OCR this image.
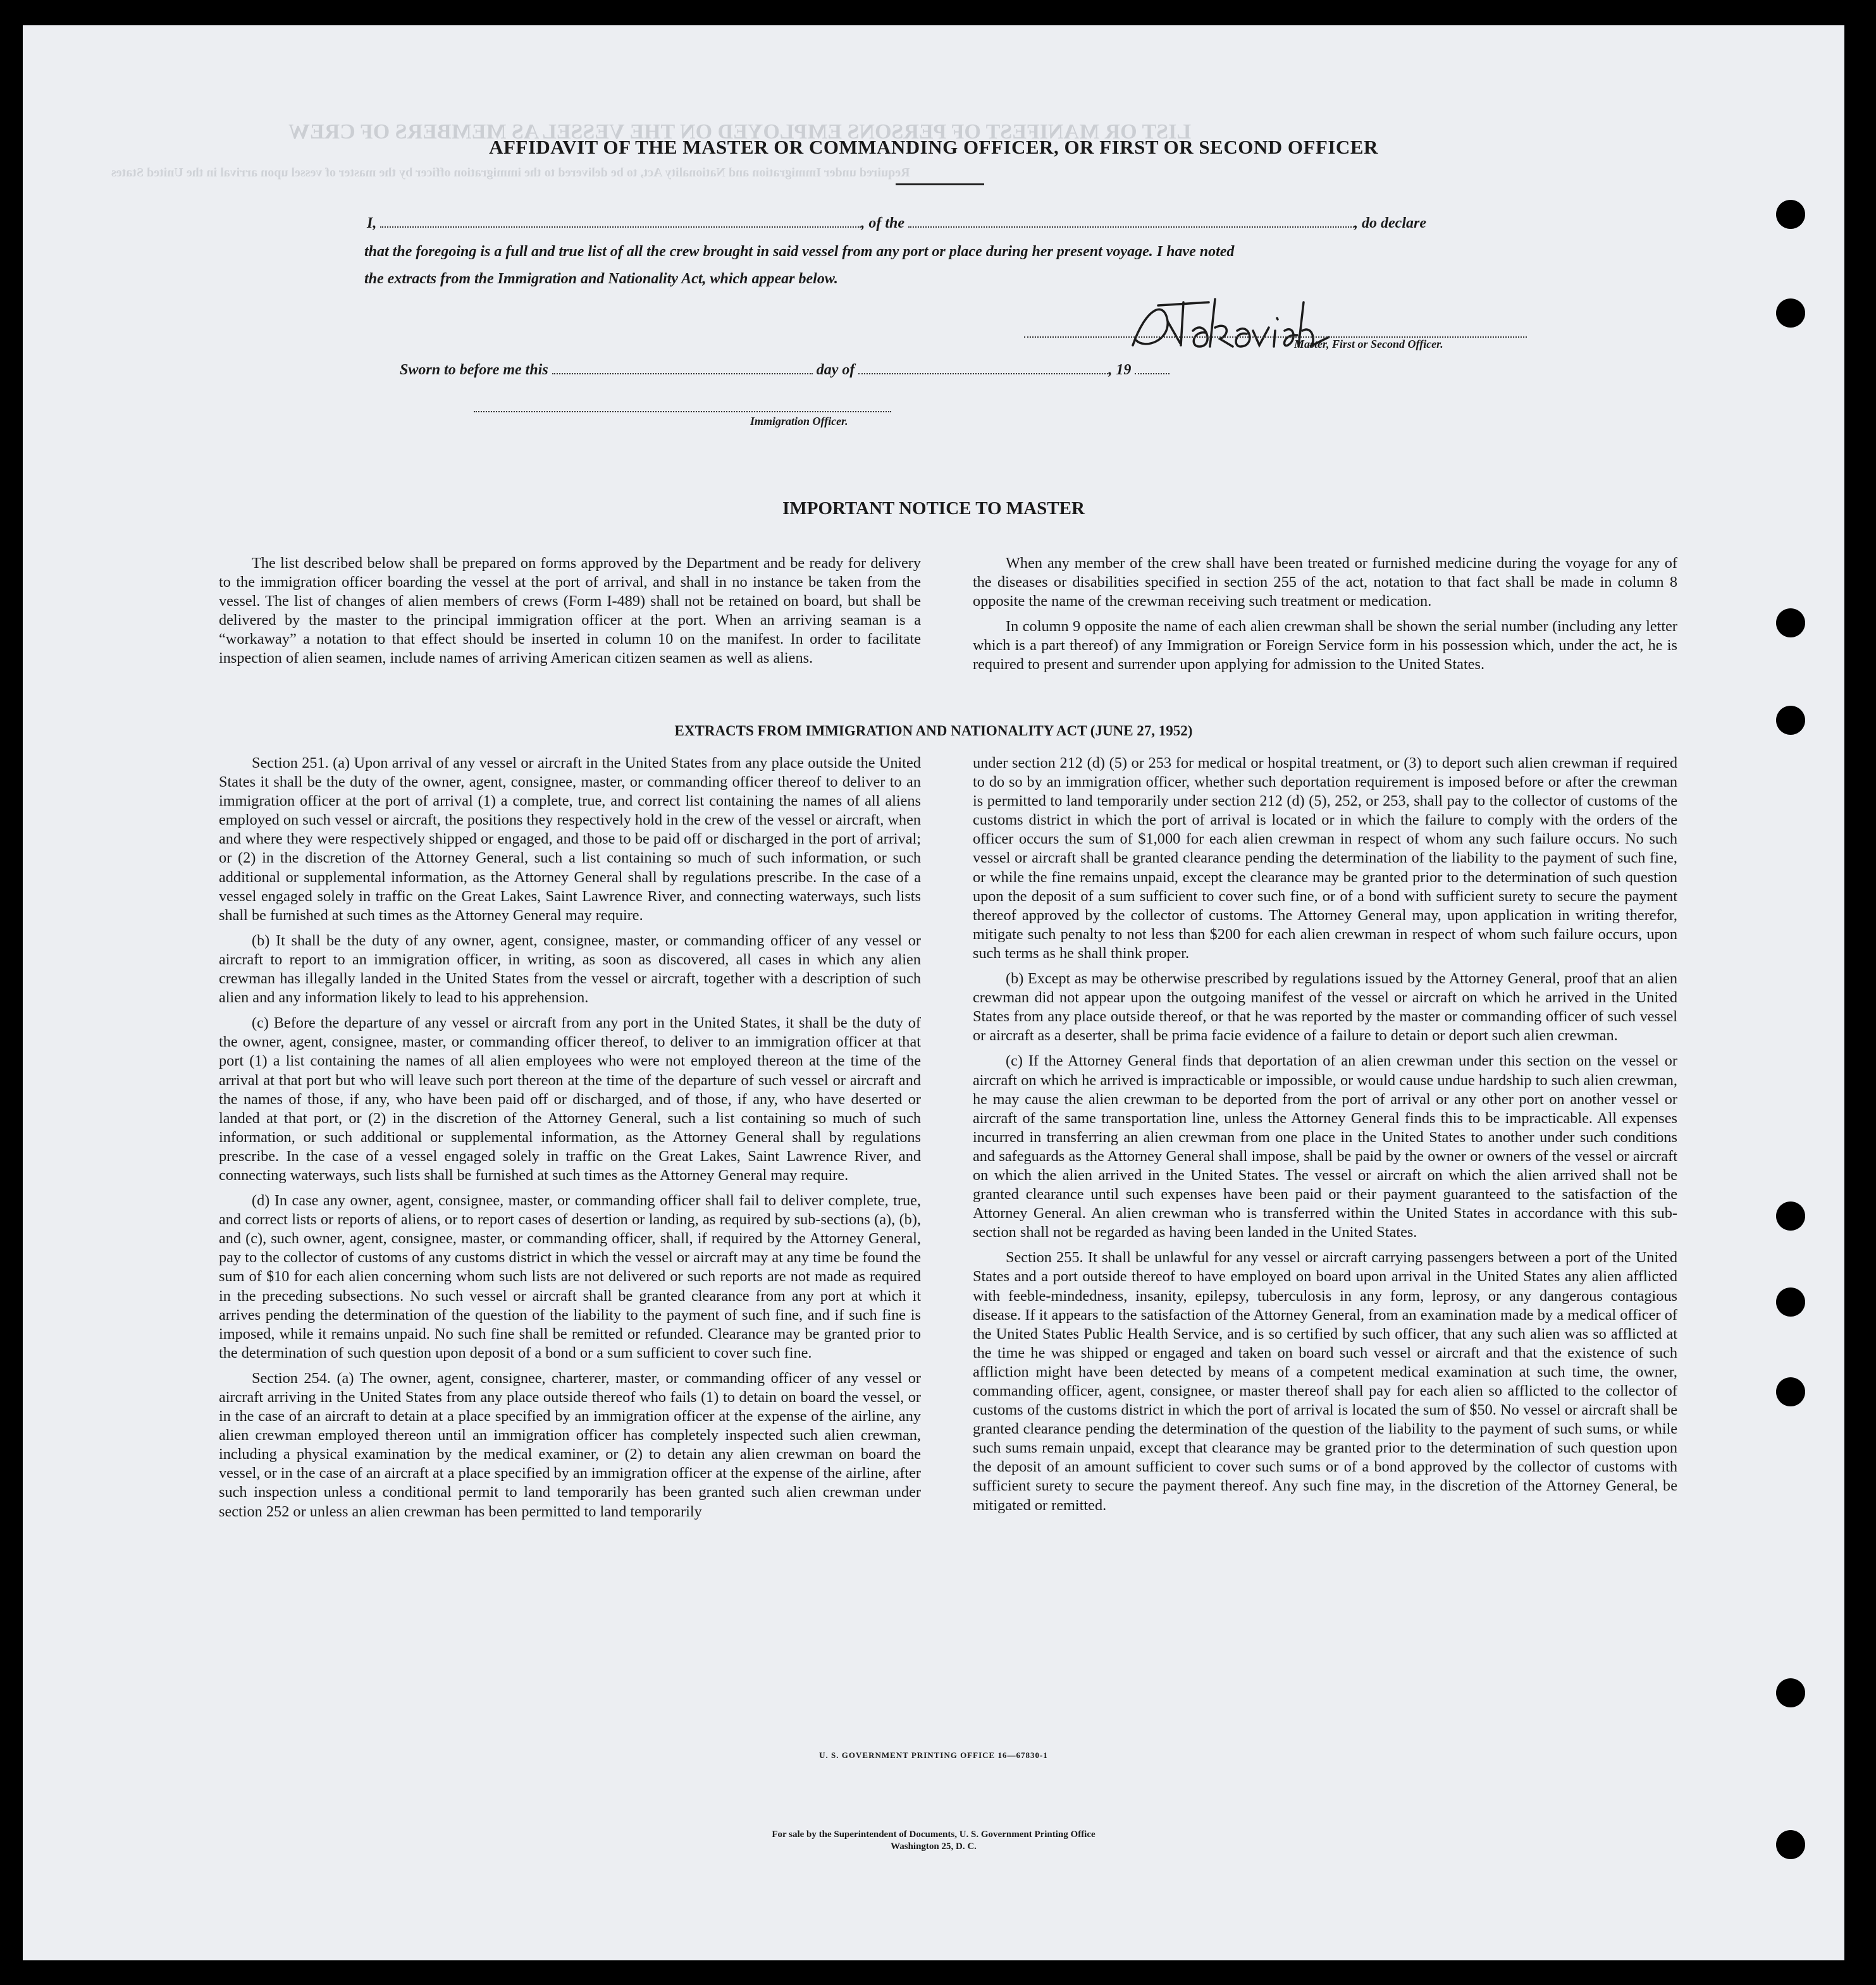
LIST OR MANIFEST OF PERSONS EMPLOYED ON THE VESSEL AS MEMBERS OF CREW
Required under Immigration and Nationality Act, to be delivered to the immigration officer by the master of vessel upon arrival in the United States
AFFIDAVIT OF THE MASTER OR COMMANDING OFFICER, OR FIRST OR SECOND OFFICER
I,	, of the	, do declare
that the foregoing is a full and true list of all the crew brought in said vessel from any port or place during her present voyage. I have noted
the extracts from the Immigration and Nationality Act, which appear below.
Master, First or Second Officer.
Sworn to before me this	day of	, 19
Immigration Officer.
IMPORTANT NOTICE TO MASTER

The list described below shall be prepared on forms approved by the Department and be ready for delivery to the immigration officer boarding the vessel at the port of arrival, and shall in no instance be taken from the vessel. The list of changes of alien members of crews (Form I-489) shall not be retained on board, but shall be delivered by the master to the principal immigration officer at the port. When an arriving seaman is a “workaway” a notation to that effect should be inserted in column 10 on the manifest. In order to facilitate inspection of alien seamen, include names of arriving American citizen seamen as well as aliens.

When any member of the crew shall have been treated or furnished medicine during the voyage for any of the diseases or disabilities specified in section 255 of the act, notation to that fact shall be made in column 8 opposite the name of the crewman receiving such treatment or medication.

In column 9 opposite the name of each alien crewman shall be shown the serial number (including any letter which is a part thereof) of any Immigration or Foreign Service form in his possession which, under the act, he is required to present and surrender upon applying for admission to the United States.

EXTRACTS FROM IMMIGRATION AND NATIONALITY ACT (JUNE 27, 1952)

Section 251. (a) Upon arrival of any vessel or aircraft in the United States from any place outside the United States it shall be the duty of the owner, agent, consignee, master, or commanding officer thereof to deliver to an immigration officer at the port of arrival (1) a complete, true, and correct list containing the names of all aliens employed on such vessel or aircraft, the positions they respectively hold in the crew of the vessel or aircraft, when and where they were respectively shipped or engaged, and those to be paid off or discharged in the port of arrival; or (2) in the discretion of the Attorney General, such a list containing so much of such information, or such additional or supplemental information, as the Attorney General shall by regulations prescribe. In the case of a vessel engaged solely in traffic on the Great Lakes, Saint Lawrence River, and connecting waterways, such lists shall be furnished at such times as the Attorney General may require.

(b) It shall be the duty of any owner, agent, consignee, master, or commanding officer of any vessel or aircraft to report to an immigration officer, in writing, as soon as discovered, all cases in which any alien crewman has illegally landed in the United States from the vessel or aircraft, together with a description of such alien and any information likely to lead to his apprehension.

(c) Before the departure of any vessel or aircraft from any port in the United States, it shall be the duty of the owner, agent, consignee, master, or commanding officer thereof, to deliver to an immigration officer at that port (1) a list containing the names of all alien employees who were not employed thereon at the time of the arrival at that port but who will leave such port thereon at the time of the departure of such vessel or aircraft and the names of those, if any, who have been paid off or discharged, and of those, if any, who have deserted or landed at that port, or (2) in the discretion of the Attorney General, such a list containing so much of such information, or such additional or supplemental information, as the Attorney General shall by regulations prescribe. In the case of a vessel engaged solely in traffic on the Great Lakes, Saint Lawrence River, and connecting waterways, such lists shall be furnished at such times as the Attorney General may require.

(d) In case any owner, agent, consignee, master, or commanding officer shall fail to deliver complete, true, and correct lists or reports of aliens, or to report cases of desertion or landing, as required by sub-sections (a), (b), and (c), such owner, agent, consignee, master, or commanding officer, shall, if required by the Attorney General, pay to the collector of customs of any customs district in which the vessel or aircraft may at any time be found the sum of $10 for each alien concerning whom such lists are not delivered or such reports are not made as required in the preceding subsections. No such vessel or aircraft shall be granted clearance from any port at which it arrives pending the determination of the question of the liability to the payment of such fine, and if such fine is imposed, while it remains unpaid. No such fine shall be remitted or refunded. Clearance may be granted prior to the determination of such question upon deposit of a bond or a sum sufficient to cover such fine.

Section 254. (a) The owner, agent, consignee, charterer, master, or commanding officer of any vessel or aircraft arriving in the United States from any place outside thereof who fails (1) to detain on board the vessel, or in the case of an aircraft to detain at a place specified by an immigration officer at the expense of the airline, any alien crewman employed thereon until an immigration officer has completely inspected such alien crewman, including a physical examination by the medical examiner, or (2) to detain any alien crewman on board the vessel, or in the case of an aircraft at a place specified by an immigration officer at the expense of the airline, after such inspection unless a conditional permit to land temporarily has been granted such alien crewman under section 252 or unless an alien crewman has been permitted to land temporarily

under section 212 (d) (5) or 253 for medical or hospital treatment, or (3) to deport such alien crewman if required to do so by an immigration officer, whether such deportation requirement is imposed before or after the crewman is permitted to land temporarily under section 212 (d) (5), 252, or 253, shall pay to the collector of customs of the customs district in which the port of arrival is located or in which the failure to comply with the orders of the officer occurs the sum of $1,000 for each alien crewman in respect of whom any such failure occurs. No such vessel or aircraft shall be granted clearance pending the determination of the liability to the payment of such fine, or while the fine remains unpaid, except the clearance may be granted prior to the determination of such question upon the deposit of a sum sufficient to cover such fine, or of a bond with sufficient surety to secure the payment thereof approved by the collector of customs. The Attorney General may, upon application in writing therefor, mitigate such penalty to not less than $200 for each alien crewman in respect of whom such failure occurs, upon such terms as he shall think proper.

(b) Except as may be otherwise prescribed by regulations issued by the Attorney General, proof that an alien crewman did not appear upon the outgoing manifest of the vessel or aircraft on which he arrived in the United States from any place outside thereof, or that he was reported by the master or commanding officer of such vessel or aircraft as a deserter, shall be prima facie evidence of a failure to detain or deport such alien crewman.

(c) If the Attorney General finds that deportation of an alien crewman under this section on the vessel or aircraft on which he arrived is impracticable or impossible, or would cause undue hardship to such alien crewman, he may cause the alien crewman to be deported from the port of arrival or any other port on another vessel or aircraft of the same transportation line, unless the Attorney General finds this to be impracticable. All expenses incurred in transferring an alien crewman from one place in the United States to another under such conditions and safeguards as the Attorney General shall impose, shall be paid by the owner or owners of the vessel or aircraft on which the alien arrived in the United States. The vessel or aircraft on which the alien arrived shall not be granted clearance until such expenses have been paid or their payment guaranteed to the satisfaction of the Attorney General. An alien crewman who is transferred within the United States in accordance with this sub-section shall not be regarded as having been landed in the United States.

Section 255. It shall be unlawful for any vessel or aircraft carrying passengers between a port of the United States and a port outside thereof to have employed on board upon arrival in the United States any alien afflicted with feeble-mindedness, insanity, epilepsy, tuberculosis in any form, leprosy, or any dangerous contagious disease. If it appears to the satisfaction of the Attorney General, from an examination made by a medical officer of the United States Public Health Service, and is so certified by such officer, that any such alien was so afflicted at the time he was shipped or engaged and taken on board such vessel or aircraft and that the existence of such affliction might have been detected by means of a competent medical examination at such time, the owner, commanding officer, agent, consignee, or master thereof shall pay for each alien so afflicted to the collector of customs of the customs district in which the port of arrival is located the sum of $50. No vessel or aircraft shall be granted clearance pending the determination of the question of the liability to the payment of such sums, or while such sums remain unpaid, except that clearance may be granted prior to the determination of such question upon the deposit of an amount sufficient to cover such sums or of a bond approved by the collector of customs with sufficient surety to secure the payment thereof. Any such fine may, in the discretion of the Attorney General, be mitigated or remitted.

U. S. GOVERNMENT PRINTING OFFICE 16—67830-1
For sale by the Superintendent of Documents, U. S. Government Printing Office
Washington 25, D. C.
